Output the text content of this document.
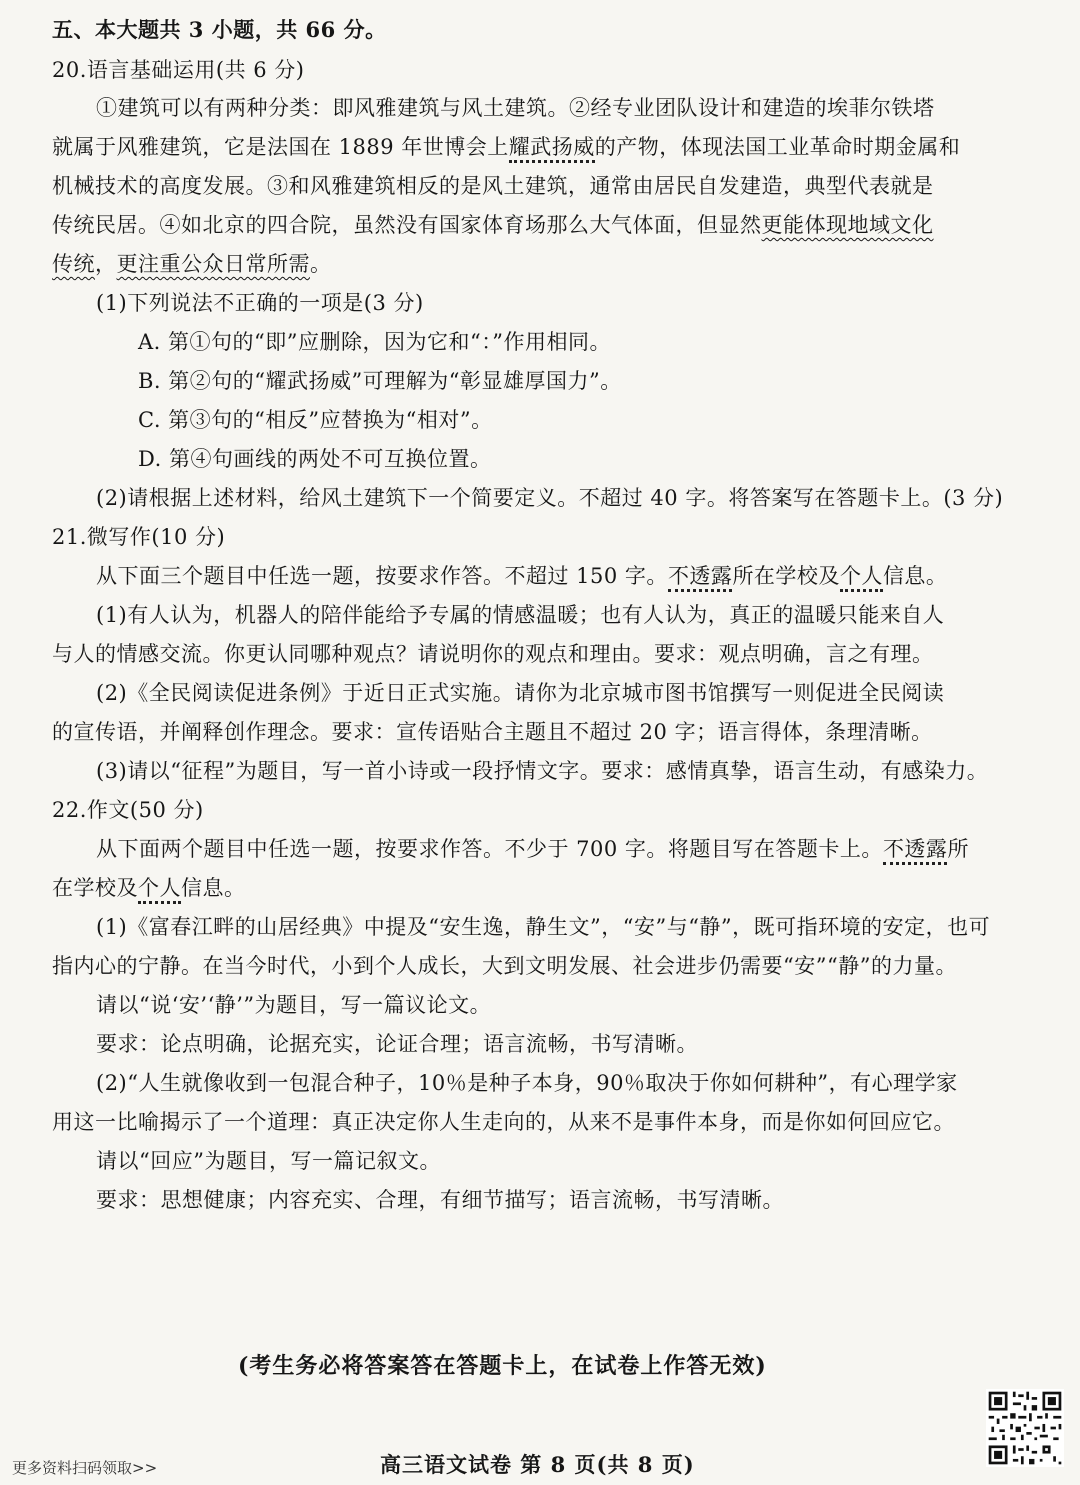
五、本大题共 3 小题，共 66 分。
20.语言基础运用(共 6 分)
①建筑可以有两种分类：即风雅建筑与风土建筑。②经专业团队设计和建造的埃菲尔铁塔
就属于风雅建筑，它是法国在 1889 年世博会上耀武扬威的产物，体现法国工业革命时期金属和
机械技术的高度发展。③和风雅建筑相反的是风土建筑，通常由居民自发建造，典型代表就是
传统民居。④如北京的四合院，虽然没有国家体育场那么大气体面，但显然更能体现地域文化
传统，更注重公众日常所需。
(1)下列说法不正确的一项是(3 分)
A. 第①句的“即”应删除，因为它和“：”作用相同。
B. 第②句的“耀武扬威”可理解为“彰显雄厚国力”。
C. 第③句的“相反”应替换为“相对”。
D. 第④句画线的两处不可互换位置。
(2)请根据上述材料，给风土建筑下一个简要定义。不超过 40 字。将答案写在答题卡上。(3 分)
21.微写作(10 分)
从下面三个题目中任选一题，按要求作答。不超过 150 字。不透露所在学校及个人信息。
(1)有人认为，机器人的陪伴能给予专属的情感温暖；也有人认为，真正的温暖只能来自人
与人的情感交流。你更认同哪种观点？请说明你的观点和理由。要求：观点明确，言之有理。
(2)《全民阅读促进条例》于近日正式实施。请你为北京城市图书馆撰写一则促进全民阅读
的宣传语，并阐释创作理念。要求：宣传语贴合主题且不超过 20 字；语言得体，条理清晰。
(3)请以“征程”为题目，写一首小诗或一段抒情文字。要求：感情真挚，语言生动，有感染力。
22.作文(50 分)
从下面两个题目中任选一题，按要求作答。不少于 700 字。将题目写在答题卡上。不透露所
在学校及个人信息。
(1)《富春江畔的山居经典》中提及“安生逸，静生文”，“安”与“静”，既可指环境的安定，也可
指内心的宁静。在当今时代，小到个人成长，大到文明发展、社会进步仍需要“安”“静”的力量。
请以“说‘安’‘静’”为题目，写一篇议论文。
要求：论点明确，论据充实，论证合理；语言流畅，书写清晰。
(2)“人生就像收到一包混合种子，10％是种子本身，90％取决于你如何耕种”，有心理学家
用这一比喻揭示了一个道理：真正决定你人生走向的，从来不是事件本身，而是你如何回应它。
请以“回应”为题目，写一篇记叙文。
要求：思想健康；内容充实、合理，有细节描写；语言流畅，书写清晰。
(考生务必将答案答在答题卡上，在试卷上作答无效)
更多资料扫码领取>>	高三语文试卷 第 8 页(共 8 页)
